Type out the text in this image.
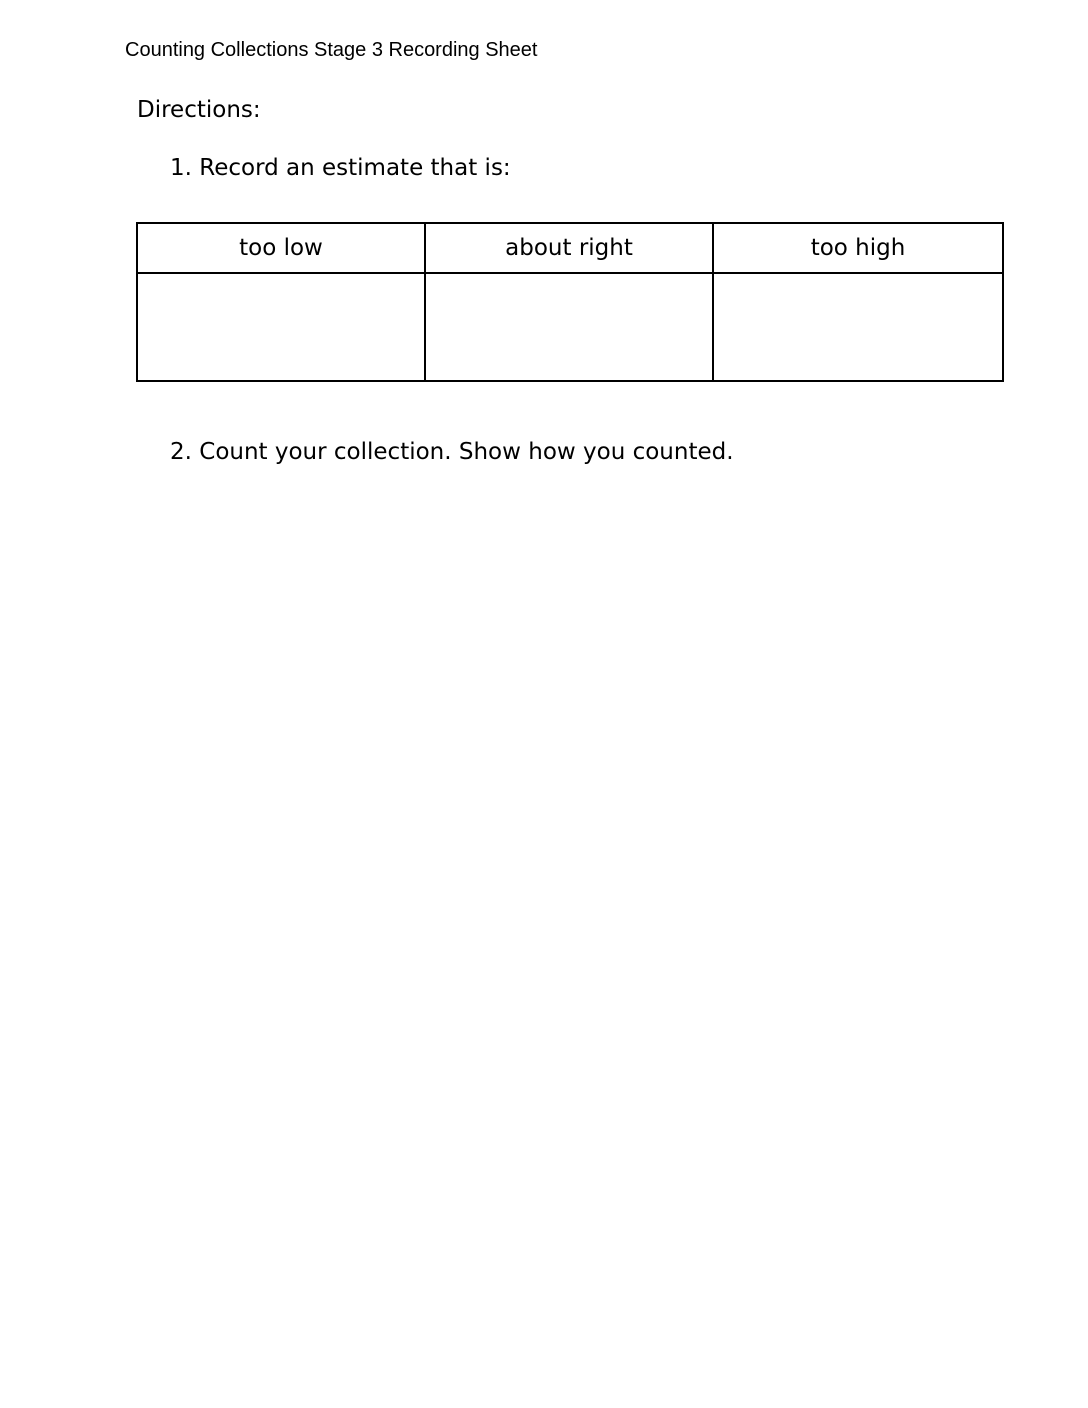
Counting Collections Stage 3 Recording Sheet
Directions:
1. Record an estimate that is:
too low	about right	too high

2. Count your collection. Show how you counted.
